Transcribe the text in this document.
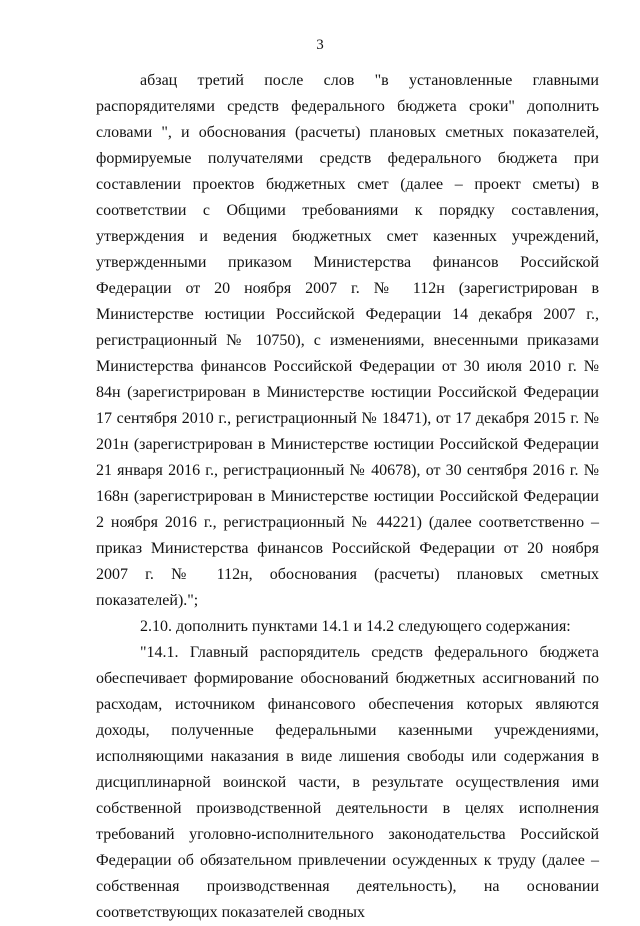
3

абзац третий после слов "в установленные главными распорядителями средств федерального бюджета сроки" дополнить словами ", и обоснования (расчеты) плановых сметных показателей, формируемые получателями средств федерального бюджета при составлении проектов бюджетных смет (далее – проект сметы) в соответствии с Общими требованиями к порядку составления, утверждения и ведения бюджетных смет казенных учреждений, утвержденными приказом Министерства финансов Российской Федерации от 20 ноября 2007 г. № 112н (зарегистрирован в Министерстве юстиции Российской Федерации 14 декабря 2007 г., регистрационный № 10750), с изменениями, внесенными приказами Министерства финансов Российской Федерации от 30 июля 2010 г. № 84н (зарегистрирован в Министерстве юстиции Российской Федерации 17 сентября 2010 г., регистрационный № 18471), от 17 декабря 2015 г. № 201н (зарегистрирован в Министерстве юстиции Российской Федерации 21 января 2016 г., регистрационный № 40678), от 30 сентября 2016 г. № 168н (зарегистрирован в Министерстве юстиции Российской Федерации 2 ноября 2016 г., регистрационный № 44221) (далее соответственно – приказ Министерства финансов Российской Федерации от 20 ноября 2007 г. № 112н, обоснования (расчеты) плановых сметных показателей).";

2.10. дополнить пунктами 14.1 и 14.2 следующего содержания:

"14.1. Главный распорядитель средств федерального бюджета обеспечивает формирование обоснований бюджетных ассигнований по расходам, источником финансового обеспечения которых являются доходы, полученные федеральными казенными учреждениями, исполняющими наказания в виде лишения свободы или содержания в дисциплинарной воинской части, в результате осуществления ими собственной производственной деятельности в целях исполнения требований уголовно-исполнительного законодательства Российской Федерации об обязательном привлечении осужденных к труду (далее – собственная производственная деятельность), на основании соответствующих показателей сводных
